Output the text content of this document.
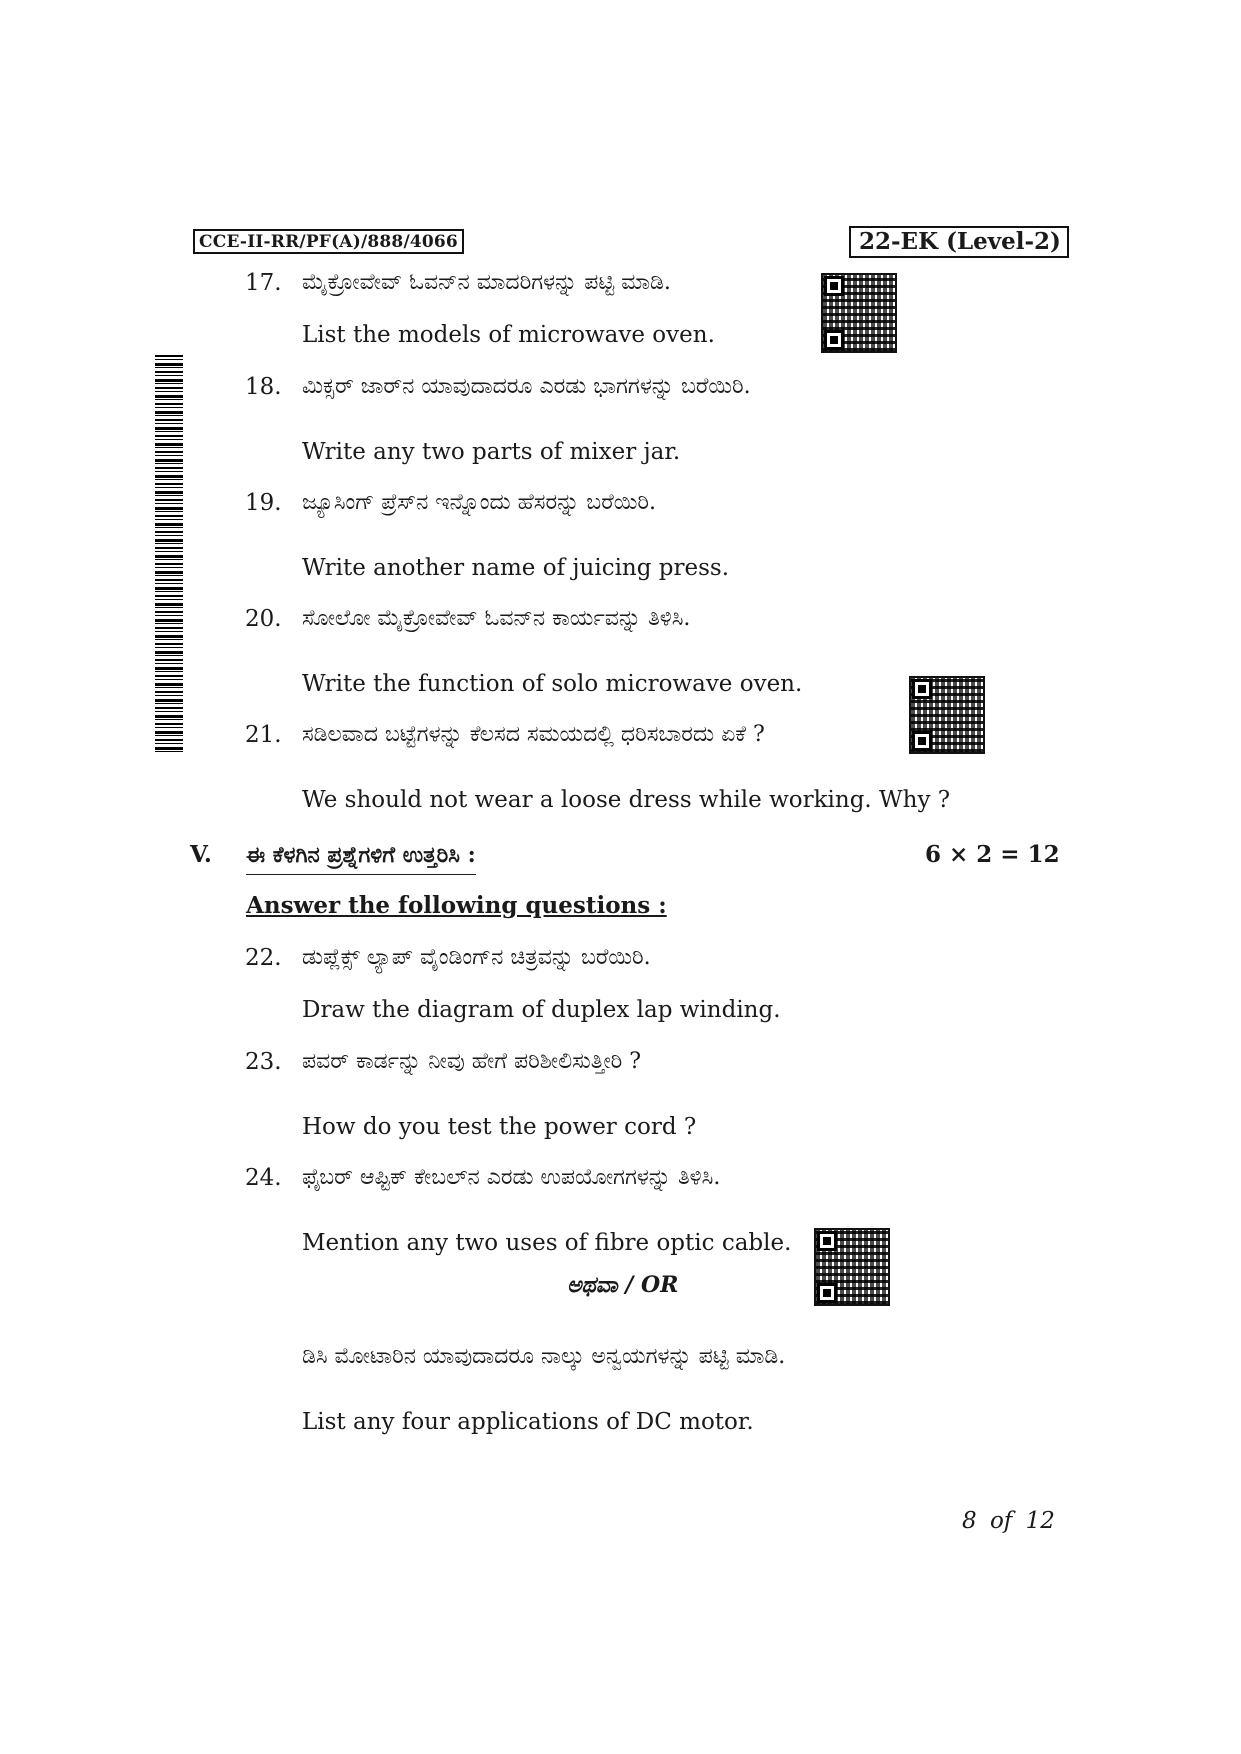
CCE-II-RR/PF(A)/888/4066	22-EK (Level-2)
17. ಮೈಕ್ರೋವೇವ್ ಓವನ್‌ನ ಮಾದರಿಗಳನ್ನು ಪಟ್ಟಿ ಮಾಡಿ.
List the models of microwave oven.
18. ಮಿಕ್ಸರ್ ಜಾರ್‌ನ ಯಾವುದಾದರೂ ಎರಡು ಭಾಗಗಳನ್ನು ಬರೆಯಿರಿ.
Write any two parts of mixer jar.
19. ಜ್ಯೂಸಿಂಗ್ ಪ್ರೆಸ್‌ನ ಇನ್ನೊಂದು ಹೆಸರನ್ನು ಬರೆಯಿರಿ.
Write another name of juicing press.
20. ಸೋಲೋ ಮೈಕ್ರೋವೇವ್ ಓವನ್‌ನ ಕಾರ್ಯವನ್ನು ತಿಳಿಸಿ.
Write the function of solo microwave oven.
21. ಸಡಿಲವಾದ ಬಟ್ಟೆಗಳನ್ನು ಕೆಲಸದ ಸಮಯದಲ್ಲಿ ಧರಿಸಬಾರದು ಏಕೆ ?
We should not wear a loose dress while working. Why ?
V. ಈ ಕೆಳಗಿನ ಪ್ರಶ್ನೆಗಳಿಗೆ ಉತ್ತರಿಸಿ :	6 × 2 = 12
Answer the following questions :
22. ಡುಪ್ಲೆಕ್ಸ್ ಲ್ಯಾಪ್ ವೈಂಡಿಂಗ್‌ನ ಚಿತ್ರವನ್ನು ಬರೆಯಿರಿ.
Draw the diagram of duplex lap winding.
23. ಪವರ್ ಕಾರ್ಡನ್ನು ನೀವು ಹೇಗೆ ಪರಿಶೀಲಿಸುತ್ತೀರಿ ?
How do you test the power cord ?
24. ಫೈಬರ್ ಆಪ್ಟಿಕ್ ಕೇಬಲ್‌ನ ಎರಡು ಉಪಯೋಗಗಳನ್ನು ತಿಳಿಸಿ.
Mention any two uses of fibre optic cable.
ಅಥವಾ / OR
ಡಿಸಿ ಮೋಟಾರಿನ ಯಾವುದಾದರೂ ನಾಲ್ಕು ಅನ್ವಯಗಳನ್ನು ಪಟ್ಟಿ ಮಾಡಿ.
List any four applications of DC motor.
8 of 12
